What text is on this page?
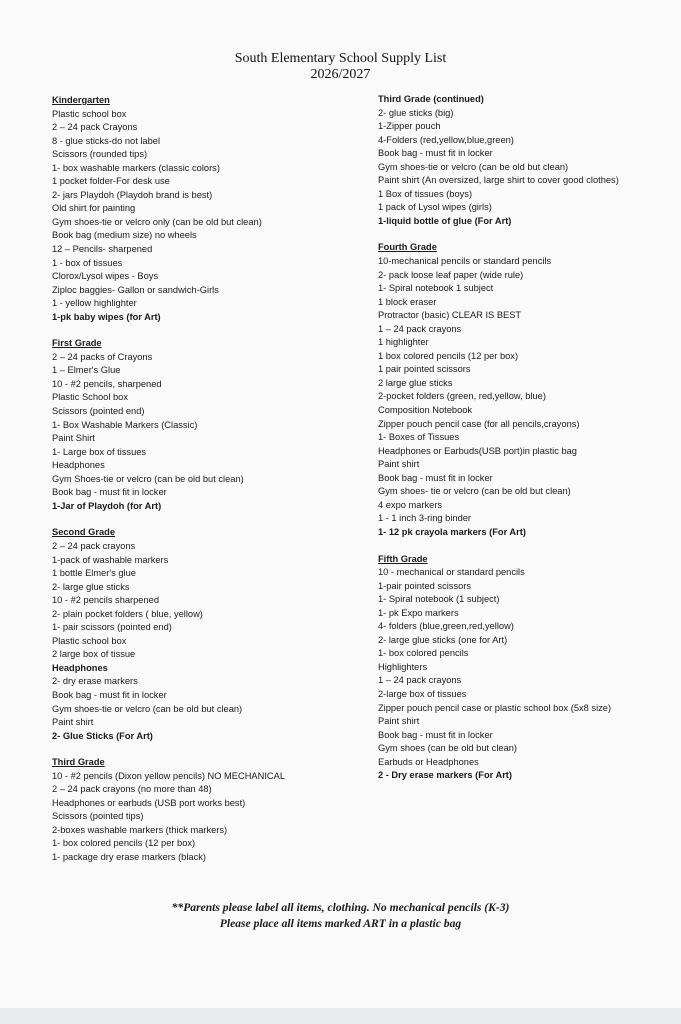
South Elementary School Supply List
2026/2027
Kindergarten
Plastic school box
2 – 24 pack Crayons
8 - glue sticks-do not label
Scissors (rounded tips)
1- box washable markers (classic colors)
1 pocket folder-For desk use
2- jars Playdoh (Playdoh brand is best)
Old shirt for painting
Gym shoes-tie or velcro only (can be old but clean)
Book bag (medium size) no wheels
12 – Pencils- sharpened
1 - box of tissues
Clorox/Lysol wipes - Boys
Ziploc baggies- Gallon or sandwich-Girls
1 - yellow highlighter
1-pk baby wipes (for Art)
First Grade
2 – 24 packs of Crayons
1 – Elmer's Glue
10 - #2 pencils, sharpened
Plastic School box
Scissors (pointed end)
1- Box Washable Markers (Classic)
Paint Shirt
1- Large box of tissues
Headphones
Gym Shoes-tie or velcro (can be old but clean)
Book bag - must fit in locker
1-Jar of Playdoh (for Art)
Second Grade
2 – 24 pack crayons
1-pack of washable markers
1 bottle Elmer's glue
2- large glue sticks
10 - #2 pencils sharpened
2- plain pocket folders ( blue, yellow)
1- pair scissors (pointed end)
Plastic school box
2 large box of tissue
Headphones
2- dry erase markers
Book bag - must fit in locker
Gym shoes-tie or velcro (can be old but clean)
Paint shirt
2- Glue Sticks (For Art)
Third Grade
10 - #2 pencils (Dixon yellow pencils) NO MECHANICAL
2 – 24 pack crayons (no more than 48)
Headphones or earbuds (USB port works best)
Scissors (pointed tips)
2-boxes washable markers (thick markers)
1- box colored pencils (12 per box)
1- package dry erase markers (black)
Third Grade (continued)
2- glue sticks (big)
1-Zipper pouch
4-Folders (red,yellow,blue,green)
Book bag - must fit in locker
Gym shoes-tie or velcro (can be old but clean)
Paint shirt (An oversized, large shirt to cover good clothes)
1 Box of tissues (boys)
1 pack of Lysol wipes (girls)
1-liquid bottle of glue (For Art)
Fourth Grade
10-mechanical pencils or standard pencils
2- pack loose leaf paper (wide rule)
1- Spiral notebook 1 subject
1 block eraser
Protractor (basic) CLEAR IS BEST
1 – 24 pack crayons
1 highlighter
1 box colored pencils (12 per box)
1 pair pointed scissors
2 large glue sticks
2-pocket folders (green, red,yellow, blue)
Composition Notebook
Zipper pouch pencil case (for all pencils,crayons)
1- Boxes of Tissues
Headphones or Earbuds(USB port)in plastic bag
Paint shirt
Book bag - must fit in locker
Gym shoes- tie or velcro (can be old but clean)
4 expo markers
1 - 1 inch 3-ring binder
1- 12 pk crayola markers (For Art)
Fifth Grade
10 - mechanical or standard pencils
1-pair pointed scissors
1- Spiral notebook (1 subject)
1- pk Expo markers
4- folders (blue,green,red,yellow)
2- large glue sticks (one for Art)
1- box colored pencils
Highlighters
1 – 24 pack crayons
2-large box of tissues
Zipper pouch pencil case or plastic school box (5x8 size)
Paint shirt
Book bag - must fit in locker
Gym shoes (can be old but clean)
Earbuds or Headphones
2 - Dry erase markers (For Art)
**Parents please label all items, clothing. No mechanical pencils (K-3)
Please place all items marked ART in a plastic bag
